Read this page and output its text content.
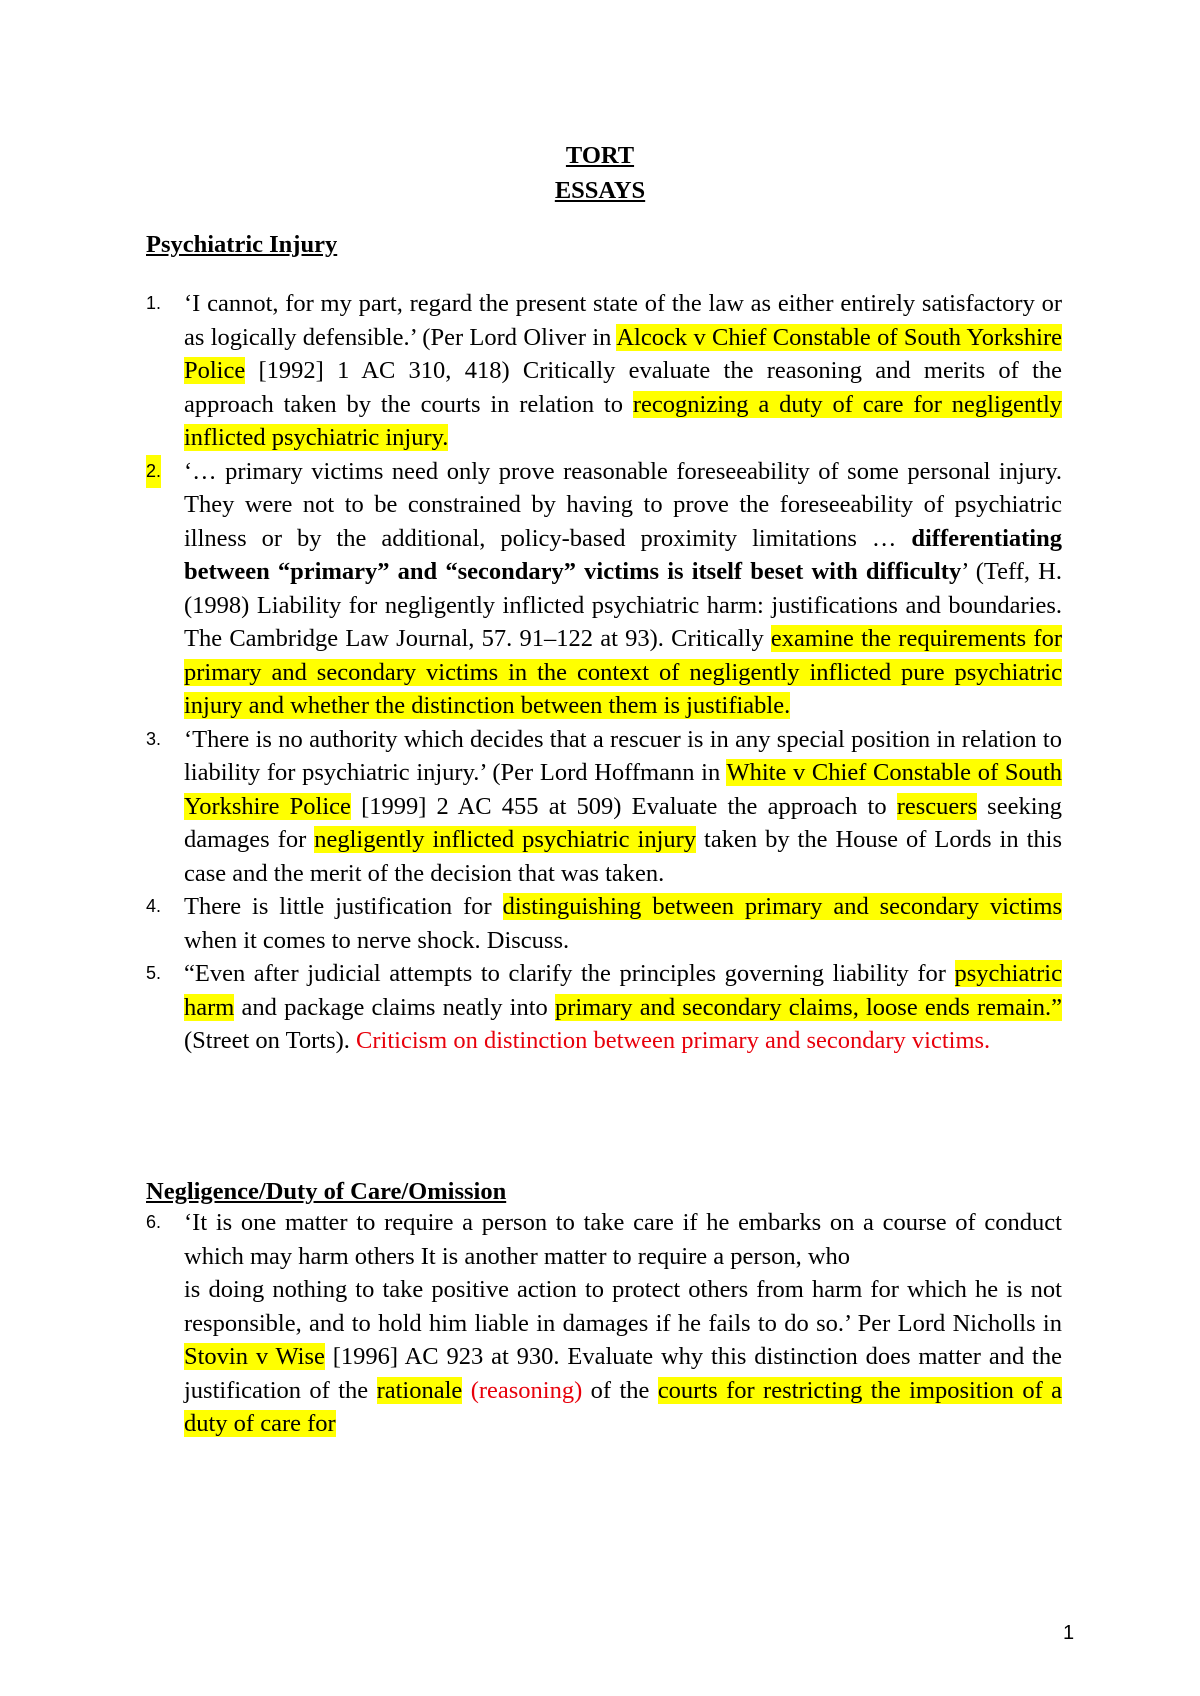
TORT
ESSAYS
Psychiatric Injury
1. ‘I cannot, for my part, regard the present state of the law as either entirely satisfactory or as logically defensible.’ (Per Lord Oliver in Alcock v Chief Constable of South Yorkshire Police [1992] 1 AC 310, 418) Critically evaluate the reasoning and merits of the approach taken by the courts in relation to recognizing a duty of care for negligently inflicted psychiatric injury.
2. ‘… primary victims need only prove reasonable foreseeability of some personal injury. They were not to be constrained by having to prove the foreseeability of psychiatric illness or by the additional, policy-based proximity limitations … differentiating between “primary” and “secondary” victims is itself beset with difficulty’ (Teff, H. (1998) Liability for negligently inflicted psychiatric harm: justifications and boundaries. The Cambridge Law Journal, 57. 91–122 at 93). Critically examine the requirements for primary and secondary victims in the context of negligently inflicted pure psychiatric injury and whether the distinction between them is justifiable.
3. ‘There is no authority which decides that a rescuer is in any special position in relation to liability for psychiatric injury.’ (Per Lord Hoffmann in White v Chief Constable of South Yorkshire Police [1999] 2 AC 455 at 509) Evaluate the approach to rescuers seeking damages for negligently inflicted psychiatric injury taken by the House of Lords in this case and the merit of the decision that was taken.
4. There is little justification for distinguishing between primary and secondary victims when it comes to nerve shock. Discuss.
5. “Even after judicial attempts to clarify the principles governing liability for psychiatric harm and package claims neatly into primary and secondary claims, loose ends remain.” (Street on Torts). Criticism on distinction between primary and secondary victims.
Negligence/Duty of Care/Omission
6. ‘It is one matter to require a person to take care if he embarks on a course of conduct which may harm others It is another matter to require a person, who
is doing nothing to take positive action to protect others from harm for which he is not responsible, and to hold him liable in damages if he fails to do so.’ Per Lord Nicholls in Stovin v Wise [1996] AC 923 at 930. Evaluate why this distinction does matter and the justification of the rationale (reasoning) of the courts for restricting the imposition of a duty of care for
1
